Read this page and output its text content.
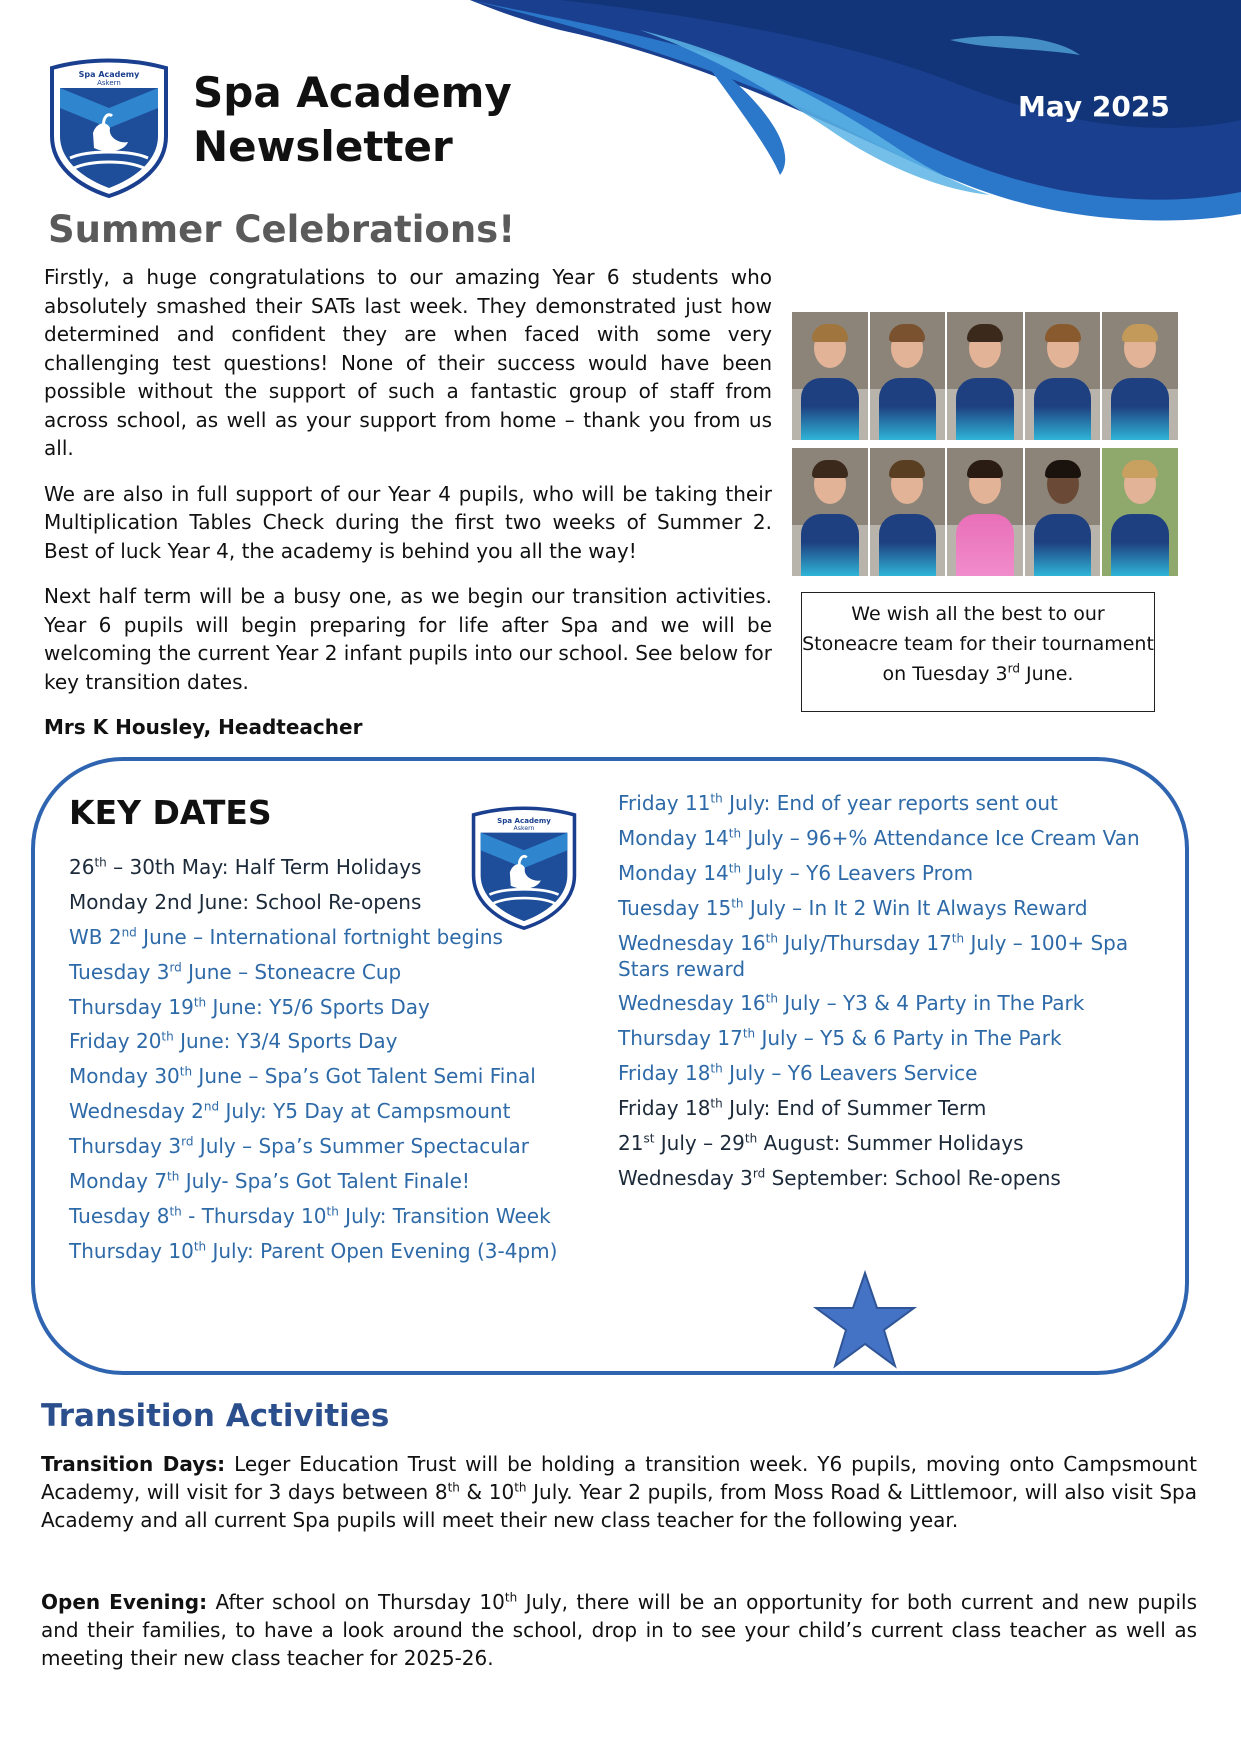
Spa Academy
Askern Spa Academy
Newsletter
May 2025
Summer Celebrations!

Firstly, a huge congratulations to our amazing Year 6 students who absolutely smashed their SATs last week. They demonstrated just how determined and confident they are when faced with some very challenging test questions! None of their success would have been possible without the support of such a fantastic group of staff from across school, as well as your support from home – thank you from us all.

We are also in full support of our Year 4 pupils, who will be taking their Multiplication Tables Check during the first two weeks of Summer 2. Best of luck Year 4, the academy is behind you all the way!

Next half term will be a busy one, as we begin our transition activities. Year 6 pupils will begin preparing for life after Spa and we will be welcoming the current Year 2 infant pupils into our school. See below for key transition dates.

Mrs K Housley, Headteacher

We wish all the best to our Stoneacre team for their tournament on Tuesday 3rd June.
KEY DATES	Spa Academy
Askern
26th – 30th May: Half Term Holidays
Monday 2nd June: School Re-opens
WB 2nd June – International fortnight begins
Tuesday 3rd June – Stoneacre Cup
Thursday 19th June: Y5/6 Sports Day
Friday 20th June: Y3/4 Sports Day
Monday 30th June – Spa’s Got Talent Semi Final
Wednesday 2nd July: Y5 Day at Campsmount
Thursday 3rd July – Spa’s Summer Spectacular
Monday 7th July- Spa’s Got Talent Finale!
Tuesday 8th - Thursday 10th July: Transition Week
Thursday 10th July: Parent Open Evening (3-4pm)
Friday 11th July: End of year reports sent out
Monday 14th July – 96+% Attendance Ice Cream Van
Monday 14th July – Y6 Leavers Prom
Tuesday 15th July – In It 2 Win It Always Reward
Wednesday 16th July/Thursday 17th July – 100+ Spa Stars reward
Wednesday 16th July – Y3 & 4 Party in The Park
Thursday 17th July – Y5 & 6 Party in The Park
Friday 18th July – Y6 Leavers Service
Friday 18th July: End of Summer Term
21st July – 29th August: Summer Holidays
Wednesday 3rd September: School Re-opens
Transition Activities

Transition Days: Leger Education Trust will be holding a transition week. Y6 pupils, moving onto Campsmount Academy, will visit for 3 days between 8th & 10th July. Year 2 pupils, from Moss Road & Littlemoor, will also visit Spa Academy and all current Spa pupils will meet their new class teacher for the following year.

Open Evening: After school on Thursday 10th July, there will be an opportunity for both current and new pupils and their families, to have a look around the school, drop in to see your child’s current class teacher as well as meeting their new class teacher for 2025-26.
